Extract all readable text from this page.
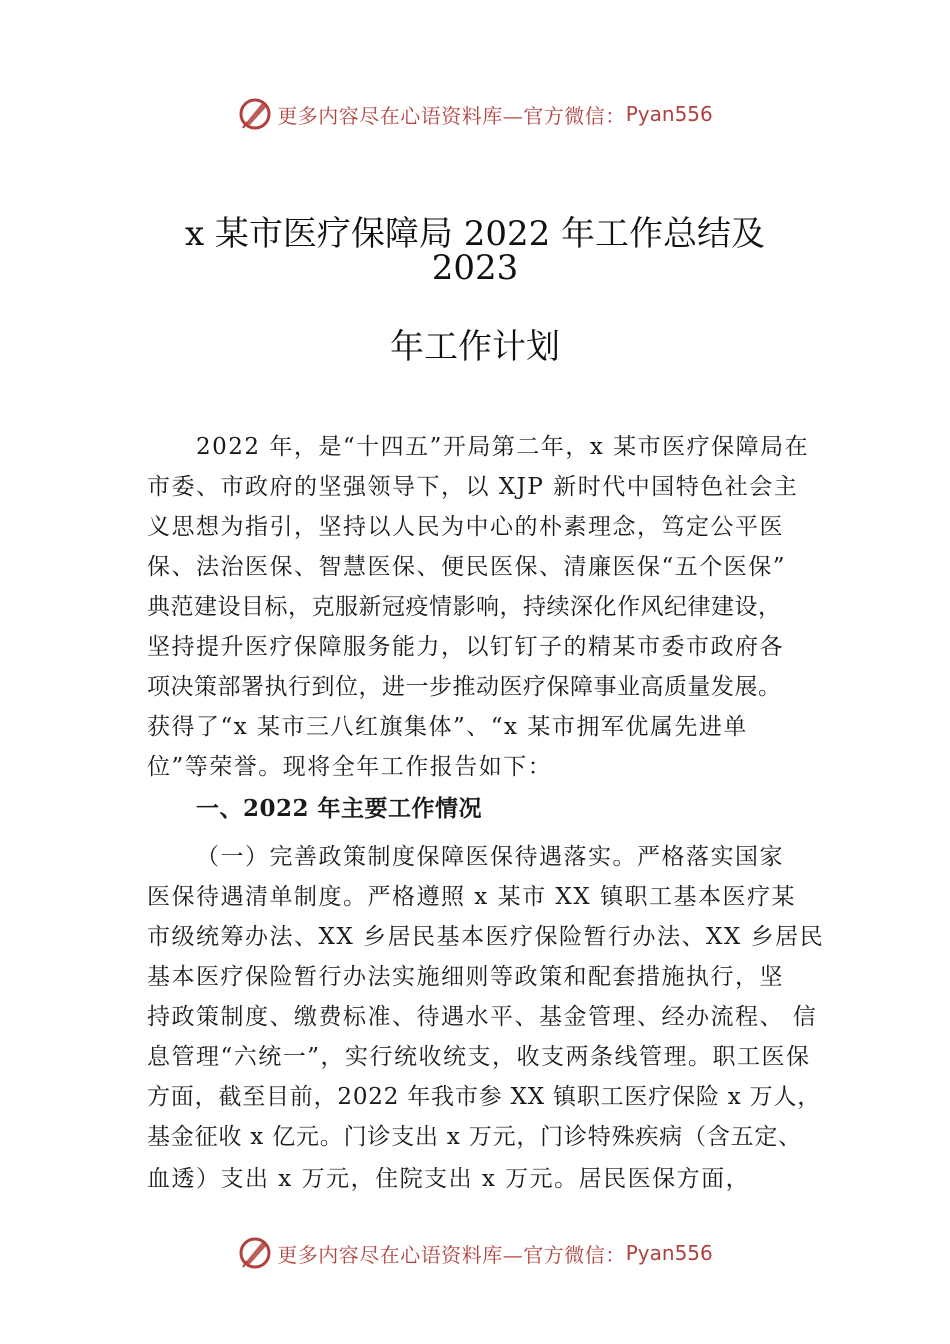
更多内容尽在心语资料库—官方微信： Pyan556
x 某市医疗保障局 2022 年工作总结及
2023
年工作计划
2022 年，是“十四五”开局第二年，x 某市医疗保障局在
市委、市政府的坚强领导下，以 XJP 新时代中国特色社会主
义思想为指引，坚持以人民为中心的朴素理念，笃定公平医
保、法治医保、智慧医保、便民医保、清廉医保“五个医保”
典范建设目标，克服新冠疫情影响，持续深化作风纪律建设，
坚持提升医疗保障服务能力，以钉钉子的精某市委市政府各
项决策部署执行到位，进一步推动医疗保障事业高质量发展。
获得了“x 某市三八红旗集体”、“x 某市拥军优属先进单
位”等荣誉。现将全年工作报告如下：
一、2022 年主要工作情况
（一）完善政策制度保障医保待遇落实。严格落实国家
医保待遇清单制度。严格遵照 x 某市 XX 镇职工基本医疗某
市级统筹办法、XX 乡居民基本医疗保险暂行办法、XX 乡居民
基本医疗保险暂行办法实施细则等政策和配套措施执行，坚
持政策制度、缴费标准、待遇水平、基金管理、经办流程、 信
息管理“六统一”，实行统收统支，收支两条线管理。职工医保
方面，截至目前，2022 年我市参 XX 镇职工医疗保险 x 万人，
基金征收 x 亿元。门诊支出 x 万元，门诊特殊疾病（含五定、
血透）支出 x 万元，住院支出 x 万元。居民医保方面，
更多内容尽在心语资料库—官方微信： Pyan556
